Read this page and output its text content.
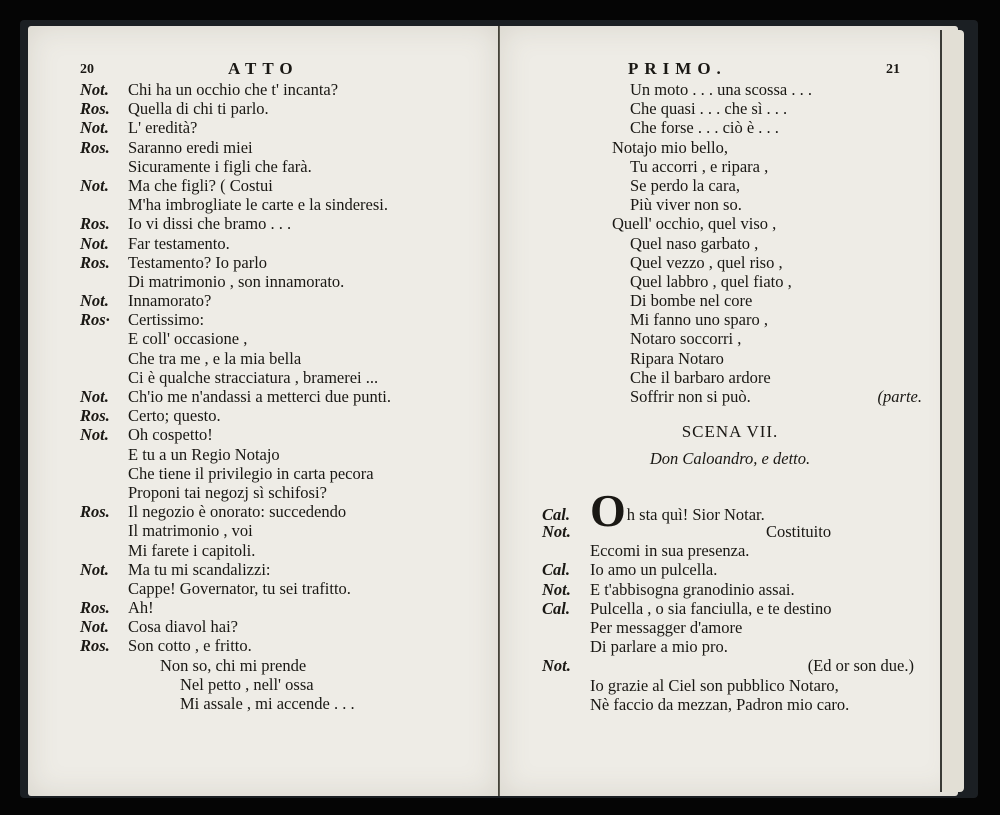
20	ATTO
Not. Chi ha un occhio che t' incanta?
Ros. Quella di chi ti parlo.
Not. L' eredità?
Ros. Saranno eredi miei
Sicuramente i figli che farà.
Not. Ma che figli? ( Costui
M'ha imbrogliate le carte e la sinderesi.
Ros. Io vi dissi che bramo . . .
Not. Far testamento.
Ros. Testamento? Io parlo
Di matrimonio , son innamorato.
Not. Innamorato?
Ros· Certissimo:
E coll' occasione ,
Che tra me , e la mia bella
Ci è qualche stracciatura , bramerei ...
Not. Ch'io me n'andassi a metterci due punti.
Ros. Certo; questo.
Not. Oh cospetto!
E tu a un Regio Notajo
Che tiene il privilegio in carta pecora
Proponi tai negozj sì schifosi?
Ros. Il negozio è onorato: succedendo
Il matrimonio , voi
Mi farete i capitoli.
Not. Ma tu mi scandalizzi:
Cappe! Governator, tu sei trafitto.
Ros. Ah!
Not. Cosa diavol hai?
Ros. Son cotto , e fritto.
Non so, chi mi prende
Nel petto , nell' ossa
Mi assale , mi accende . . .
PRIMO.	21
Un moto . . . una scossa . . .
Che quasi . . . che sì . . .
Che forse . . . ciò è . . .
Notajo mio bello,
Tu accorri , e ripara ,
Se perdo la cara,
Più viver non so.
Quell' occhio, quel viso ,
Quel naso garbato ,
Quel vezzo , quel riso ,
Quel labbro , quel fiato ,
Di bombe nel core
Mi fanno uno sparo ,
Notaro soccorri ,
Ripara Notaro
Che il barbaro ardore
Soffrir non si può.	(parte.
SCENA VII.
Don Caloandro, e detto.
Cal. Oh sta quì! Sior Notar.
Not.	Costituito
Eccomi in sua presenza.
Cal. Io amo un pulcella.
Not. E t'abbisogna granodinio assai.
Cal. Pulcella , o sia fanciulla, e te destino
Per messagger d'amore
Di parlare a mio pro.
Not.	(Ed or son due.)
Io grazie al Ciel son pubblico Notaro,
Nè faccio da mezzan, Padron mio caro.
